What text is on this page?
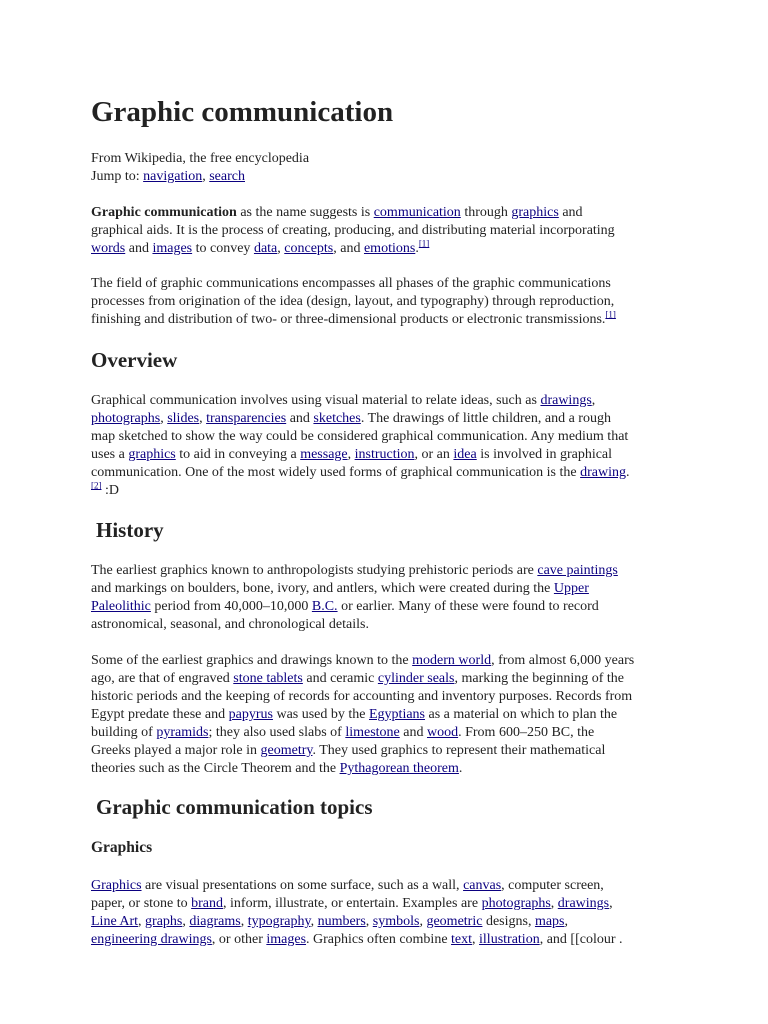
Graphic communication
From Wikipedia, the free encyclopedia
Jump to: navigation, search
Graphic communication as the name suggests is communication through graphics and
graphical aids. It is the process of creating, producing, and distributing material incorporating
words and images to convey data, concepts, and emotions.[1]
The field of graphic communications encompasses all phases of the graphic communications
processes from origination of the idea (design, layout, and typography) through reproduction,
finishing and distribution of two- or three-dimensional products or electronic transmissions.[1]
Overview
Graphical communication involves using visual material to relate ideas, such as drawings,
photographs, slides, transparencies and sketches. The drawings of little children, and a rough
map sketched to show the way could be considered graphical communication. Any medium that
uses a graphics to aid in conveying a message, instruction, or an idea is involved in graphical
communication. One of the most widely used forms of graphical communication is the drawing.
[2] :D
History
The earliest graphics known to anthropologists studying prehistoric periods are cave paintings
and markings on boulders, bone, ivory, and antlers, which were created during the Upper
Paleolithic period from 40,000–10,000 B.C. or earlier. Many of these were found to record
astronomical, seasonal, and chronological details.
Some of the earliest graphics and drawings known to the modern world, from almost 6,000 years
ago, are that of engraved stone tablets and ceramic cylinder seals, marking the beginning of the
historic periods and the keeping of records for accounting and inventory purposes. Records from
Egypt predate these and papyrus was used by the Egyptians as a material on which to plan the
building of pyramids; they also used slabs of limestone and wood. From 600–250 BC, the
Greeks played a major role in geometry. They used graphics to represent their mathematical
theories such as the Circle Theorem and the Pythagorean theorem.
Graphic communication topics
Graphics
Graphics are visual presentations on some surface, such as a wall, canvas, computer screen,
paper, or stone to brand, inform, illustrate, or entertain. Examples are photographs, drawings,
Line Art, graphs, diagrams, typography, numbers, symbols, geometric designs, maps,
engineering drawings, or other images. Graphics often combine text, illustration, and [[colour .
